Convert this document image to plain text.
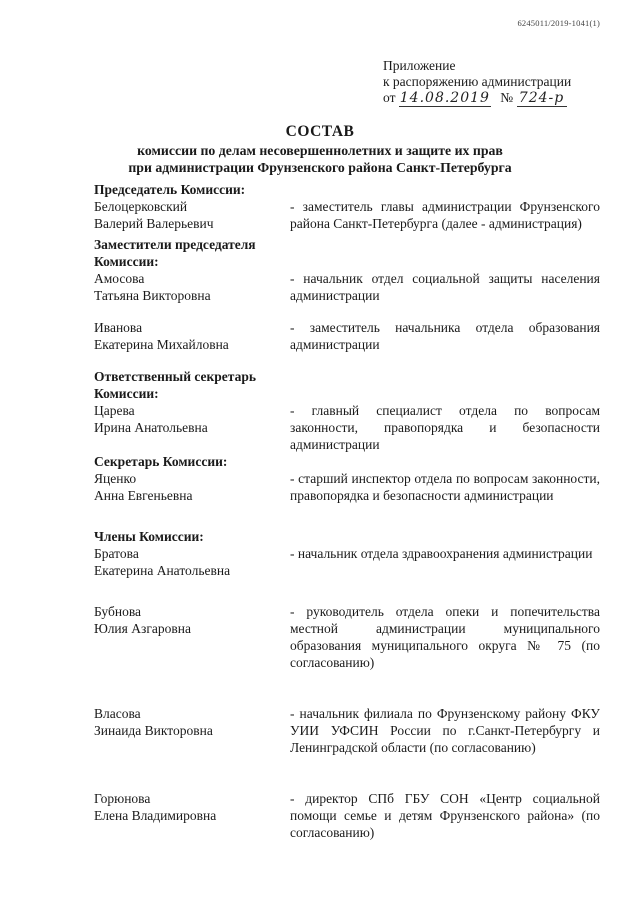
6245011/2019-1041(1)
Приложение
к распоряжению администрации
от 14.08.2019 № 724-р
СОСТАВ
комиссии по делам несовершеннолетних и защите их прав
при администрации Фрунзенского района Санкт-Петербурга
Председатель Комиссии:
Белоцерковский
Валерий Валерьевич
- заместитель главы администрации Фрунзенского района Санкт-Петербурга (далее - администрация)
Заместители председателя Комиссии:
Амосова
Татьяна Викторовна
- начальник отдел социальной защиты населения администрации
Иванова
Екатерина Михайловна
- заместитель начальника отдела образования администрации
Ответственный секретарь Комиссии:
Царева
Ирина Анатольевна
- главный специалист отдела по вопросам законности, правопорядка и безопасности администрации
Секретарь Комиссии:
Яценко
Анна Евгеньевна
- старший инспектор отдела по вопросам законности, правопорядка и безопасности администрации
Члены Комиссии:
Братова
Екатерина Анатольевна
- начальник отдела здравоохранения администрации
Бубнова
Юлия Азгаровна
- руководитель отдела опеки и попечительства местной администрации муниципального образования муниципального округа № 75 (по согласованию)
Власова
Зинаида Викторовна
- начальник филиала по Фрунзенскому району ФКУ УИИ УФСИН России по г.Санкт-Петербургу и Ленинградской области (по согласованию)
Горюнова
Елена Владимировна
- директор СПб ГБУ СОН «Центр социальной помощи семье и детям Фрунзенского района» (по согласованию)
